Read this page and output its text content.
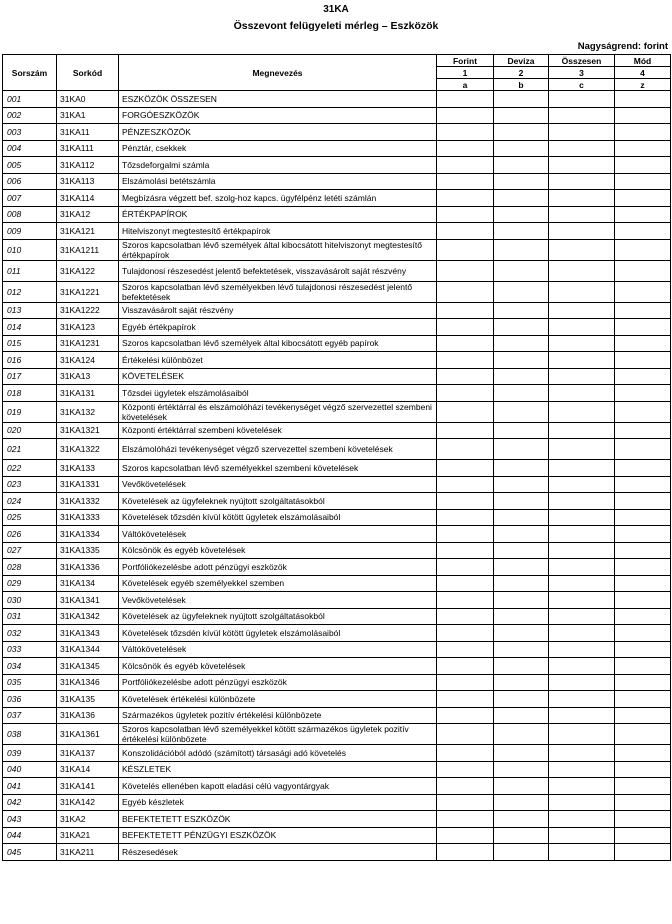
31KA
Összevont felügyeleti mérleg – Eszközök
Nagyságrend: forint
Sorszám	Sorkód	Megnevezés	Forint	Deviza	Összesen	Mód
			1	2	3	4
			a	b	c	z
001	31KA0	ESZKÖZÖK ÖSSZESEN				
002	31KA1	FORGÓESZKÖZÖK				
003	31KA11	PÉNZESZKÖZÖK				
004	31KA111	Pénztár, csekkek				
005	31KA112	Tőzsdeforgalmi számla				
006	31KA113	Elszámolási betétszámla				
007	31KA114	Megbízásra végzett bef. szolg-hoz kapcs. ügyfélpénz letéti számlán				
008	31KA12	ÉRTÉKPAPÍROK				
009	31KA121	Hitelviszonyt megtestesítő értékpapírok				
010	31KA1211	Szoros kapcsolatban lévő személyek által kibocsátott hitelviszonyt megtestesítő értékpapírok				
011	31KA122	Tulajdonosi részesedést jelentő befektetések, visszavásárolt saját részvény				
012	31KA1221	Szoros kapcsolatban lévő személyekben lévő tulajdonosi részesedést jelentő befektetések				
013	31KA1222	Visszavásárolt saját részvény				
014	31KA123	Egyéb értékpapírok				
015	31KA1231	Szoros kapcsolatban lévő személyek által kibocsátott egyéb papírok				
016	31KA124	Értékelési különbözet				
017	31KA13	KÖVETELÉSEK				
018	31KA131	Tőzsdei ügyletek elszámolásaiból				
019	31KA132	Központi értéktárral és elszámolóházi tevékenységet végző szervezettel szembeni követelések				
020	31KA1321	Központi értéktárral szembeni követelések				
021	31KA1322	Elszámolóházi tevékenységet végző szervezettel szembeni követelések				
022	31KA133	Szoros kapcsolatban lévő személyekkel szembeni követelések				
023	31KA1331	Vevőkövetelések				
024	31KA1332	Követelések az ügyfeleknek nyújtott szolgáltatásokból				
025	31KA1333	Követelések tőzsdén kívül kötött ügyletek elszámolásaiból				
026	31KA1334	Váltókövetelések				
027	31KA1335	Kölcsönök és egyéb követelések				
028	31KA1336	Portfóliókezelésbe adott pénzügyi eszközök				
029	31KA134	Követelések egyéb személyekkel szemben				
030	31KA1341	Vevőkövetelések				
031	31KA1342	Követelések az ügyfeleknek nyújtott szolgáltatásokból				
032	31KA1343	Követelések tőzsdén kívül kötött ügyletek elszámolásaiból				
033	31KA1344	Váltókövetelések				
034	31KA1345	Kölcsönök és egyéb követelések				
035	31KA1346	Portfóliókezelésbe adott pénzügyi eszközök				
036	31KA135	Követelések értékelési különbözete				
037	31KA136	Származékos ügyletek pozitív értékelési különbözete				
038	31KA1361	Szoros kapcsolatban lévő személyekkel kötött származékos ügyletek pozitív értékelési különbözete				
039	31KA137	Konszolidációból adódó (számított) társasági adó követelés				
040	31KA14	KÉSZLETEK				
041	31KA141	Követelés ellenében kapott eladási célú vagyontárgyak				
042	31KA142	Egyéb készletek				
043	31KA2	BEFEKTETETT ESZKÖZÖK				
044	31KA21	BEFEKTETETT PÉNZÜGYI ESZKÖZÖK				
045	31KA211	Részesedések				
